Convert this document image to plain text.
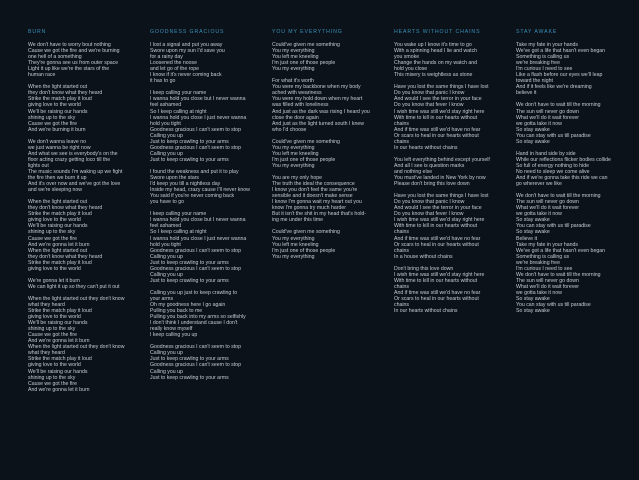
BURN
We don't have to worry bout nothing
Cause we got the fire and we're burning
one hell of a something
They're gonna see us from outer space
Light it up like we're the stars of the
human race
When the light started out
they don't know what they heard
Strike the match play it loud
giving love to the world
We'll be raising our hands
shining up to the sky
Cause we got the fire
And we're burning it burn
We don't wanna leave no
we just wanna be right now
And what we see is everybody's on the
floor acting crazy getting loco till the
lights out
The music sounds I'm waking up we fight
the fire then we burn it up
And it's over now and we've got the love
and we're sleeping now
When the light started out
they don't know what they heard
Strike the match play it loud
giving love to the world
We'll be raising our hands
shining up to the sky
Cause we got the fire
And we're gonna let it burn
When the light started out
they don't know what they heard
Strike the match play it loud
giving love to the world
We're gonna let it burn
We can light it up so they can't put it out
When the light started out they don't know
what they heard
Strike the match play it loud
giving love to the world
We'll be raising our hands
shining up to the sky
Cause we got the fire
And we're gonna let it burn
When the light started out they don't know
what they heard
Strike the match play it loud
giving love to the world
We'll be raising our hands
shining up to the sky
Cause we got the fire
And we're gonna let it burn
GOODNESS GRACIOUS
I lost a signal and put you away
Swore upon my sun I'd save you
for a rainy day
Loosened the noose
and let go of the rope
I know if it's never coming back
it has to go
I keep calling your name
I wanna hold you close but I never wanna
feel ashamed
So I keep calling at night
I wanna hold you close I just never wanna
hold you tight
Goodness gracious I can't seem to stop
Calling you up
Just to keep crawling to your arms
Goodness gracious I can't seem to stop
Calling you up
Just to keep crawling to your arms
I found the weakness and put it to play
Swore upon the stars
I'd keep you till a nightless day
Inside my head, crazy cause I'll never know
You said if you're never coming back
you have to go
I keep calling your name
I wanna hold you close but I never wanna
feel ashamed
So I keep calling at night
I wanna hold you close I just never wanna
hold you tight
Goodness gracious I can't seem to stop
Calling you up
Just to keep crawling to your arms
Goodness gracious I can't seem to stop
Calling you up
Just to keep crawling to your arms
Calling you up just to keep crawling to
your arms
Oh my goodness here I go again
Pulling you back to me
Pulling you back into my arms so selfishly
I don't think I understand cause I don't
really know myself
I keep calling you up
Goodness gracious I can't seem to stop
Calling you up
Just to keep crawling to your arms
Goodness gracious I can't seem to stop
Calling you up
Just to keep crawling to your arms
YOU MY EVERYTHING
Could've given me something
You my everything
You left me kneeling
I'm just one of those people
You my everything
For what it's worth
You were my backbone when my body
ached with weariness
You were my hold down when my heart
was filled with loneliness
And just as the dark was rising I heard you
close the door again
And just as the light turned south I knew
who I'd choose
Could've given me something
You my everything
You left me kneeling
I'm just one of those people
You my everything
You are my only hope
The truth the ideal the consequence
I know you don't feel the same you're
sensible and it doesn't make sense
I know I'm gonna wait my heart out you
know I'm gonna try much harder
But it isn't the shit in my head that's hold-
ing me under this time
Could've given me something
You my everything
You left me kneeling
I'm just one of those people
You my everything
HEARTS WITHOUT CHAINS
You wake up I know it's time to go
With a spinning head I lie and watch
you smoke
Change the hands on my watch and
hold you close
This misery is weightless as stone
Have you lost the same things I have lost
Do you know that panic I know
And would I see the terror in your face
Do you know that fever I know
I wish time was still we'd stay right here
With time to kill in our hearts without
chains
And if time was still we'd have no fear
Or scars to heal in our hearts without
chains
In our hearts without chains
You left everything behind except yourself
And all I see is question marks
and nothing else
You must've landed in New York by now
Please don't bring this love down
Have you lost the same things I have lost
Do you know that panic I know
And would I see the terror in your face
Do you know that fever I know
I wish time was still we'd stay right here
With time to kill in our hearts without
chains
And if time was still we'd have no fear
Or scars to heal in our hearts without
chains
In a house without chains
Don't bring this love down
I wish time was still we'd stay right here
With time to kill in our hearts without
chains
And if time was still we'd have no fear
Or scars to heal in our hearts without
chains
In our hearts without chains
STAY AWAKE
Take my fate in your hands
We've got a life that hasn't even began
Something is calling us
we're breaking free
I'm curious I need to see
Like a flash before our eyes we'll leap
toward the night
And if it feels like we're dreaming
believe it
We don't have to wait till the morning
The sun will never go down
What we'll do it wait forever
we gotta take it now
So stay awake
You can stay with us till paradise
So stay awake
Hand in hand side by side
While our reflections flicker bodies collide
So full of energy nothing to hide
No need to sleep we come alive
And if we're gonna take this ride we can
go wherever we like
We don't have to wait till the morning
The sun will never go down
What we'll do it wait forever
we gotta take it now
So stay awake
You can stay with us till paradise
So stay awake
Believe it
Take my fate in your hands
We've got a life that hasn't even began
Something is calling us
we're breaking free
I'm curious I need to see
We don't have to wait till the morning
The sun will never go down
What we'll do it wait forever
we gotta take it now
So stay awake
You can stay with us till paradise
So stay awake
